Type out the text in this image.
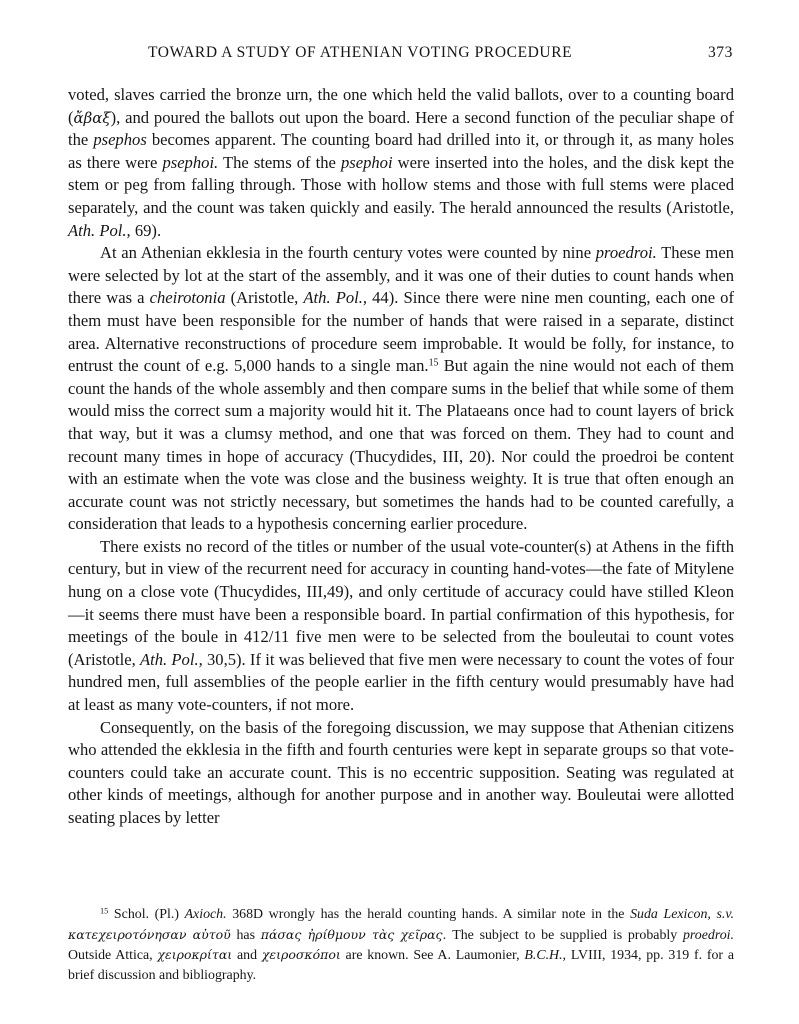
TOWARD A STUDY OF ATHENIAN VOTING PROCEDURE	373

voted, slaves carried the bronze urn, the one which held the valid ballots, over to a counting board (ἄβαξ), and poured the ballots out upon the board. Here a second function of the peculiar shape of the psephos becomes apparent. The counting board had drilled into it, or through it, as many holes as there were psephoi. The stems of the psephoi were inserted into the holes, and the disk kept the stem or peg from falling through. Those with hollow stems and those with full stems were placed separately, and the count was taken quickly and easily. The herald announced the results (Aristotle, Ath. Pol., 69).

At an Athenian ekklesia in the fourth century votes were counted by nine proedroi. These men were selected by lot at the start of the assembly, and it was one of their duties to count hands when there was a cheirotonia (Aristotle, Ath. Pol., 44). Since there were nine men counting, each one of them must have been responsible for the number of hands that were raised in a separate, distinct area. Alternative reconstructions of procedure seem improbable. It would be folly, for instance, to entrust the count of e.g. 5,000 hands to a single man.$^{15}$ But again the nine would not each of them count the hands of the whole assembly and then compare sums in the belief that while some of them would miss the correct sum a majority would hit it. The Plataeans once had to count layers of brick that way, but it was a clumsy method, and one that was forced on them. They had to count and recount many times in hope of accuracy (Thucydides, III, 20). Nor could the proedroi be content with an estimate when the vote was close and the business weighty. It is true that often enough an accurate count was not strictly necessary, but sometimes the hands had to be counted carefully, a consideration that leads to a hypothesis concerning earlier procedure.

There exists no record of the titles or number of the usual vote-counter(s) at Athens in the fifth century, but in view of the recurrent need for accuracy in counting hand-votes—the fate of Mitylene hung on a close vote (Thucydides, III,49), and only certitude of accuracy could have stilled Kleon—it seems there must have been a responsible board. In partial confirmation of this hypothesis, for meetings of the boule in 412/11 five men were to be selected from the bouleutai to count votes (Aristotle, Ath. Pol., 30,5). If it was believed that five men were necessary to count the votes of four hundred men, full assemblies of the people earlier in the fifth century would presumably have had at least as many vote-counters, if not more.

Consequently, on the basis of the foregoing discussion, we may suppose that Athenian citizens who attended the ekklesia in the fifth and fourth centuries were kept in separate groups so that vote-counters could take an accurate count. This is no eccentric supposition. Seating was regulated at other kinds of meetings, although for another purpose and in another way. Bouleutai were allotted seating places by letter

$^{15}$ Schol. (Pl.) Axioch. 368D wrongly has the herald counting hands. A similar note in the Suda Lexicon, s.v. κατεχειροτόνησαν αὐτοῦ has πάσας ἠρίθμουν τὰς χεῖρας. The subject to be supplied is probably proedroi. Outside Attica, χειροκρίται and χειροσκόποι are known. See A. Laumonier, B.C.H., LVIII, 1934, pp. 319 f. for a brief discussion and bibliography.
